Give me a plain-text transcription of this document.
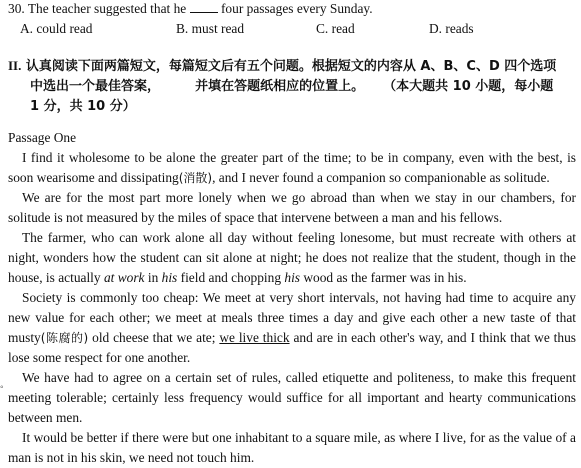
30. The teacher suggested that he	four passages every Sunday.
A. could read	B. must read	C. read	D. reads
II. 认真阅读下面两篇短文，每篇短文后有五个问题。根据短文的内容从 A、B、C、D 四个选项
中选出一个最佳答案，	并填在答题纸相应的位置上。 （本大题共 10 小题，每小题
1 分，共 10 分）

Passage One

I find it wholesome to be alone the greater part of the time; to be in company, even with the best, is soon wearisome and dissipating(消散), and I never found a companion so companionable as solitude.

We are for the most part more lonely when we go abroad than when we stay in our chambers, for solitude is not measured by the miles of space that intervene between a man and his fellows.

The farmer, who can work alone all day without feeling lonesome, but must recreate with others at night, wonders how the student can sit alone at night; he does not realize that the student, though in the house, is actually at work in his field and chopping his wood as the farmer was in his.

Society is commonly too cheap: We meet at very short intervals, not having had time to acquire any new value for each other; we meet at meals three times a day and give each other a new taste of that musty(陈腐的) old cheese that we ate; we live thick and are in each other's way, and I think that we thus lose some respect for one another.

We have had to agree on a certain set of rules, called etiquette and politeness, to make this frequent meeting tolerable; certainly less frequency would suffice for all important and hearty communications between men.

It would be better if there were but one inhabitant to a square mile, as where I live, for as the value of a man is not in his skin, we need not touch him.

◦
